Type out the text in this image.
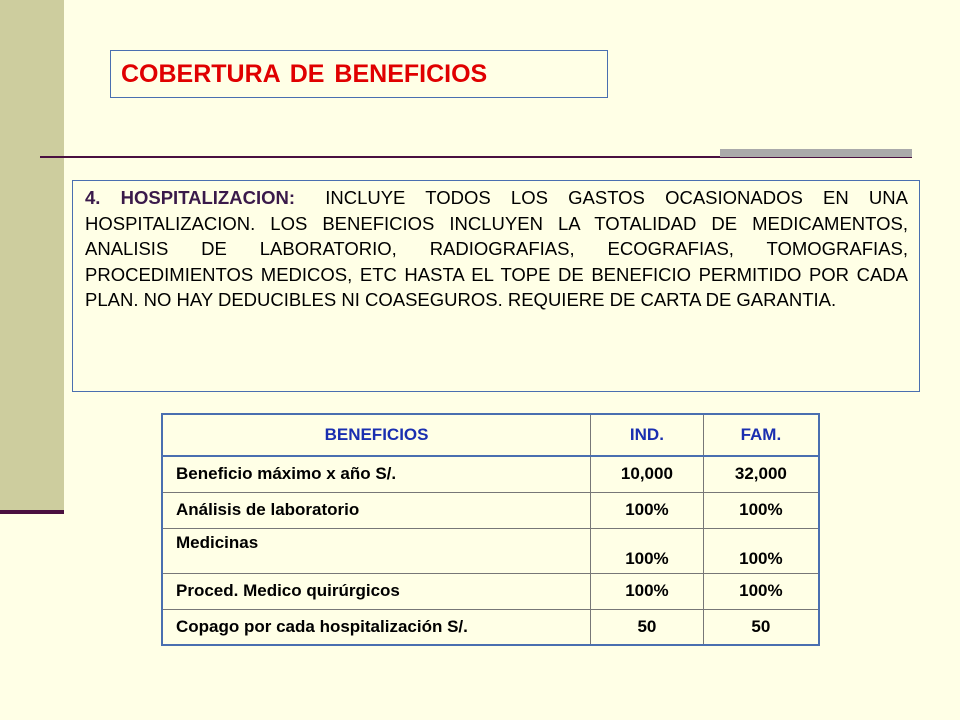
COBERTURA DE BENEFICIOS

4. HOSPITALIZACION: INCLUYE TODOS LOS GASTOS OCASIONADOS EN UNA HOSPITALIZACION. LOS BENEFICIOS INCLUYEN LA TOTALIDAD DE MEDICAMENTOS, ANALISIS DE LABORATORIO, RADIOGRAFIAS, ECOGRAFIAS, TOMOGRAFIAS, PROCEDIMIENTOS MEDICOS, ETC HASTA EL TOPE DE BENEFICIO PERMITIDO POR CADA PLAN. NO HAY DEDUCIBLES NI COASEGUROS. REQUIERE DE CARTA DE GARANTIA.

BENEFICIOS	IND.	FAM.
Beneficio máximo x año S/.	10,000	32,000
Análisis de laboratorio	100%	100%
Medicinas	100%	100%
Proced. Medico quirúrgicos	100%	100%
Copago por cada hospitalización S/.	50	50
